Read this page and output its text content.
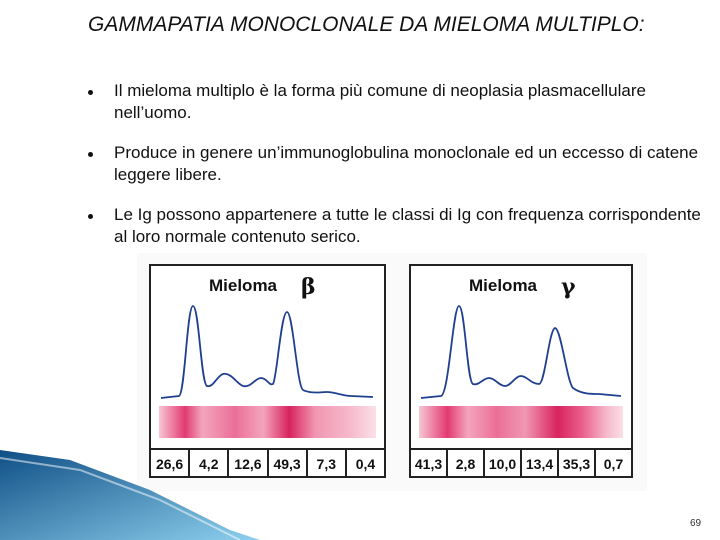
GAMMAPATIA MONOCLONALE DA MIELOMA MULTIPLO:
Il mieloma multiplo è la forma più comune di neoplasia plasmacellulare nell’uomo.
Produce in genere un’immunoglobulina monoclonale ed un eccesso di catene leggere libere.
Le Ig possono appartenere a tutte le classi di Ig con frequenza corrispondente al loro normale contenuto serico.
Mieloma β
26,6	4,2	12,6 49,3	7,3	0,4
Mieloma γ
41,3 2,8 10,0 13,4 35,3 0,7
69
